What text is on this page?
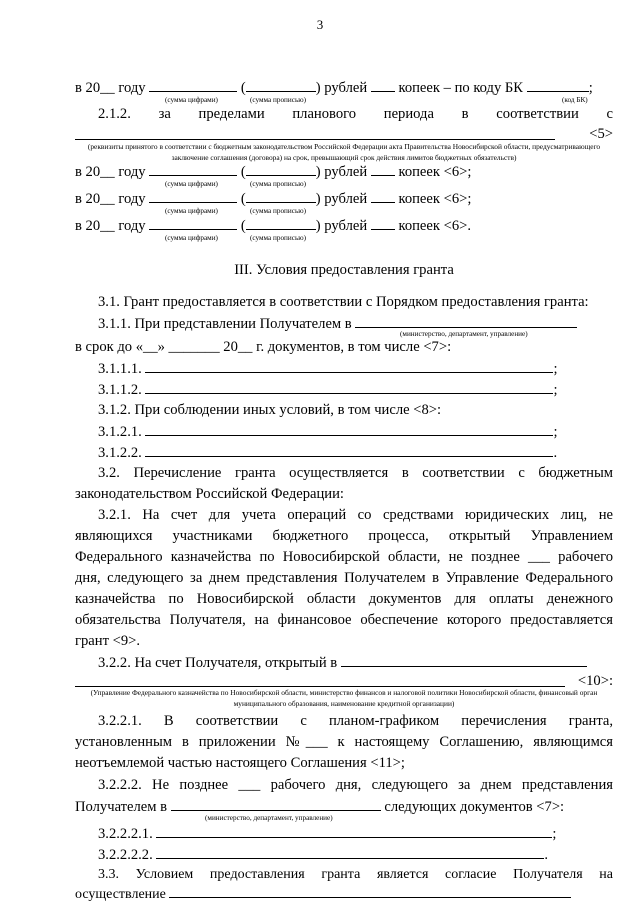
3
в 20__ году	(	) рублей копеек – по коду БК	;
(сумма цифрами)	(сумма прописью)	(код БК)
2.1.2. за пределами планового периода в соответствии с
<5>
(реквизиты принятого в соответствии с бюджетным законодательством Российской Федерации акта Правительства Новосибирской области, предусматривающего заключение соглашения (договора) на срок, превышающий срок действия лимитов бюджетных обязательств)
в 20__ году	(	) рублей копеек <6>;
(сумма цифрами)	(сумма прописью)
в 20__ году	(	) рублей копеек <6>;
(сумма цифрами)	(сумма прописью)
в 20__ году	(	) рублей копеек <6>.
(сумма цифрами)	(сумма прописью)
III. Условия предоставления гранта
3.1. Грант предоставляется в соответствии с Порядком предоставления гранта:
3.1.1. При представлении Получателем в
(министерство, департамент, управление)
в срок до «__» _______ 20__ г. документов, в том числе <7>:
3.1.1.1.	;
3.1.1.2.	;
3.1.2. При соблюдении иных условий, в том числе <8>:
3.1.2.1.	;
3.1.2.2.	.
3.2. Перечисление гранта осуществляется в соответствии с бюджетным
законодательством Российской Федерации:
3.2.1. На счет для учета операций со средствами юридических лиц, не
являющихся участниками бюджетного процесса, открытый Управлением
Федерального казначейства по Новосибирской области, не позднее ___ рабочего
дня, следующего за днем представления Получателем в Управление Федерального
казначейства по Новосибирской области документов для оплаты денежного
обязательства Получателя, на финансовое обеспечение которого предоставляется
грант <9>.
3.2.2. На счет Получателя, открытый в
<10>:
(Управление Федерального казначейства по Новосибирской области, министерство финансов и налоговой политики Новосибирской области, финансовый орган муниципального образования, наименование кредитной организации)
3.2.2.1. В соответствии с планом-графиком перечисления гранта,
установленным в приложении №___ к настоящему Соглашению, являющимся
неотъемлемой частью настоящего Соглашения <11>;
3.2.2.2. Не позднее ___ рабочего дня, следующего за днем представления
Получателем в	следующих документов <7>:
(министерство, департамент, управление)
3.2.2.2.1.	;
3.2.2.2.2.	.
3.3. Условием предоставления гранта является согласие Получателя на
осуществление
